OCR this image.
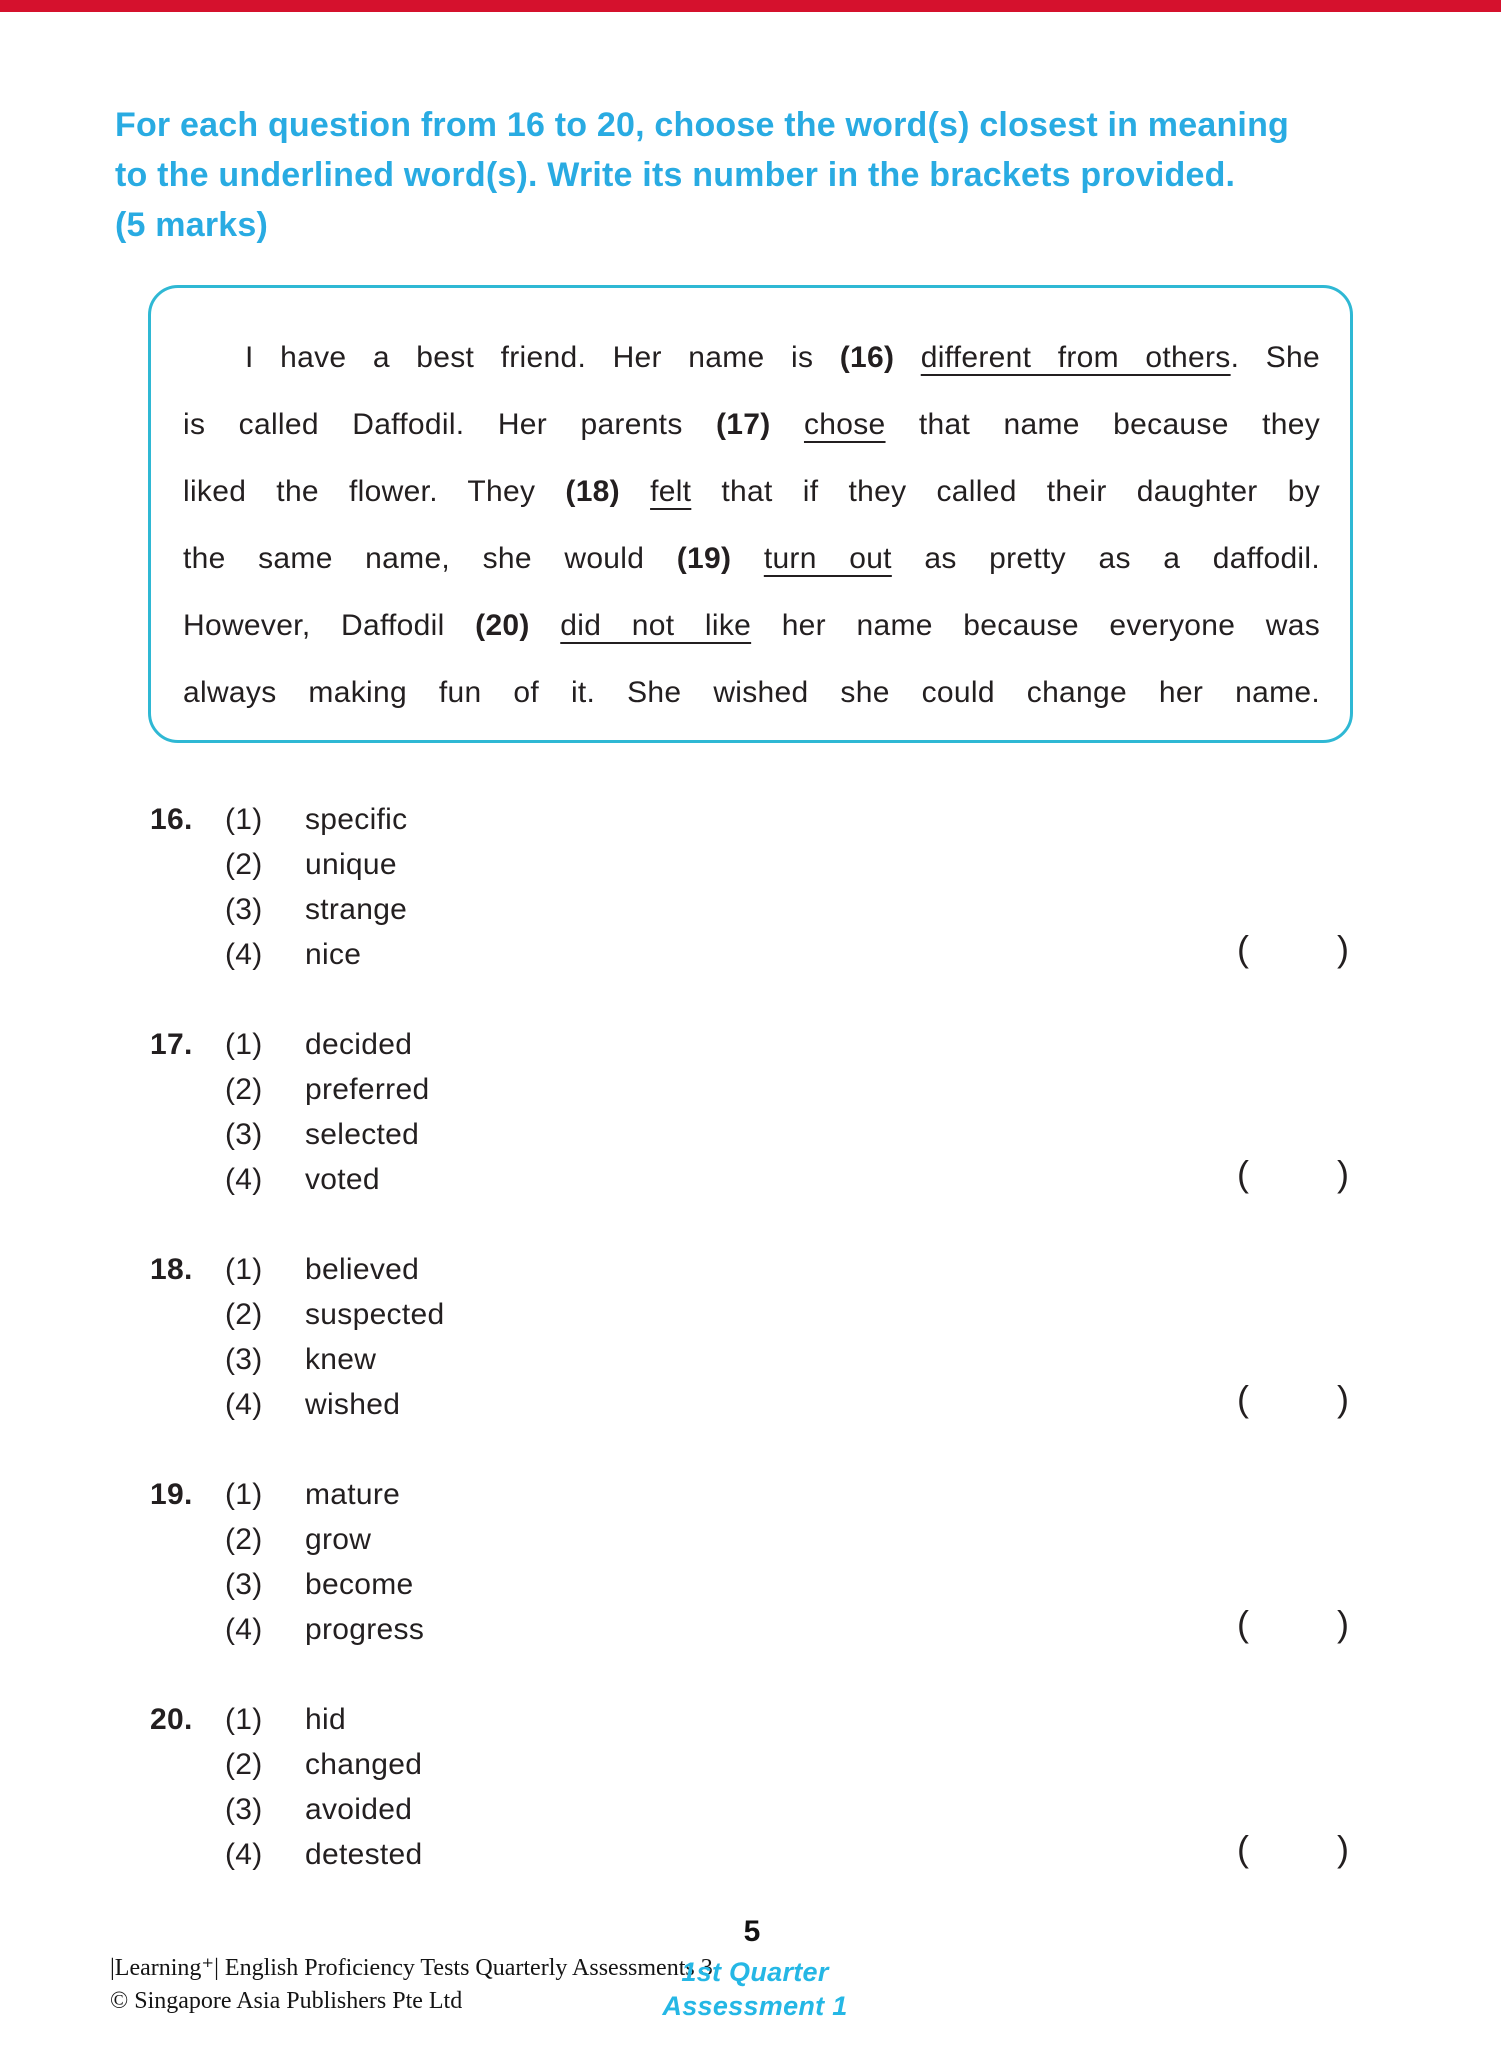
For each question from 16 to 20, choose the word(s) closest in meaning
to the underlined word(s). Write its number in the brackets provided.
(5 marks)
I have a best friend. Her name is (16) different from others. She
is called Daffodil. Her parents (17) chose that name because they
liked the flower. They (18) felt that if they called their daughter by
the same name, she would (19) turn out as pretty as a daffodil.
However, Daffodil (20) did not like her name because everyone was
always making fun of it. She wished she could change her name.
16.	(1)	specific
(2)	unique
(3)	strange
(4)	nice	( )
17.	(1)	decided
(2)	preferred
(3)	selected
(4)	voted	( )
18.	(1)	believed
(2)	suspected
(3)	knew
(4)	wished	( )
19.	(1)	mature
(2)	grow
(3)	become
(4)	progress	( )
20.	(1)	hid
(2)	changed
(3)	avoided
(4)	detested	( )
5
|Learning⁺| English Proficiency Tests Quarterly Assessments 3
© Singapore Asia Publishers Pte Ltd
1st Quarter
Assessment 1
